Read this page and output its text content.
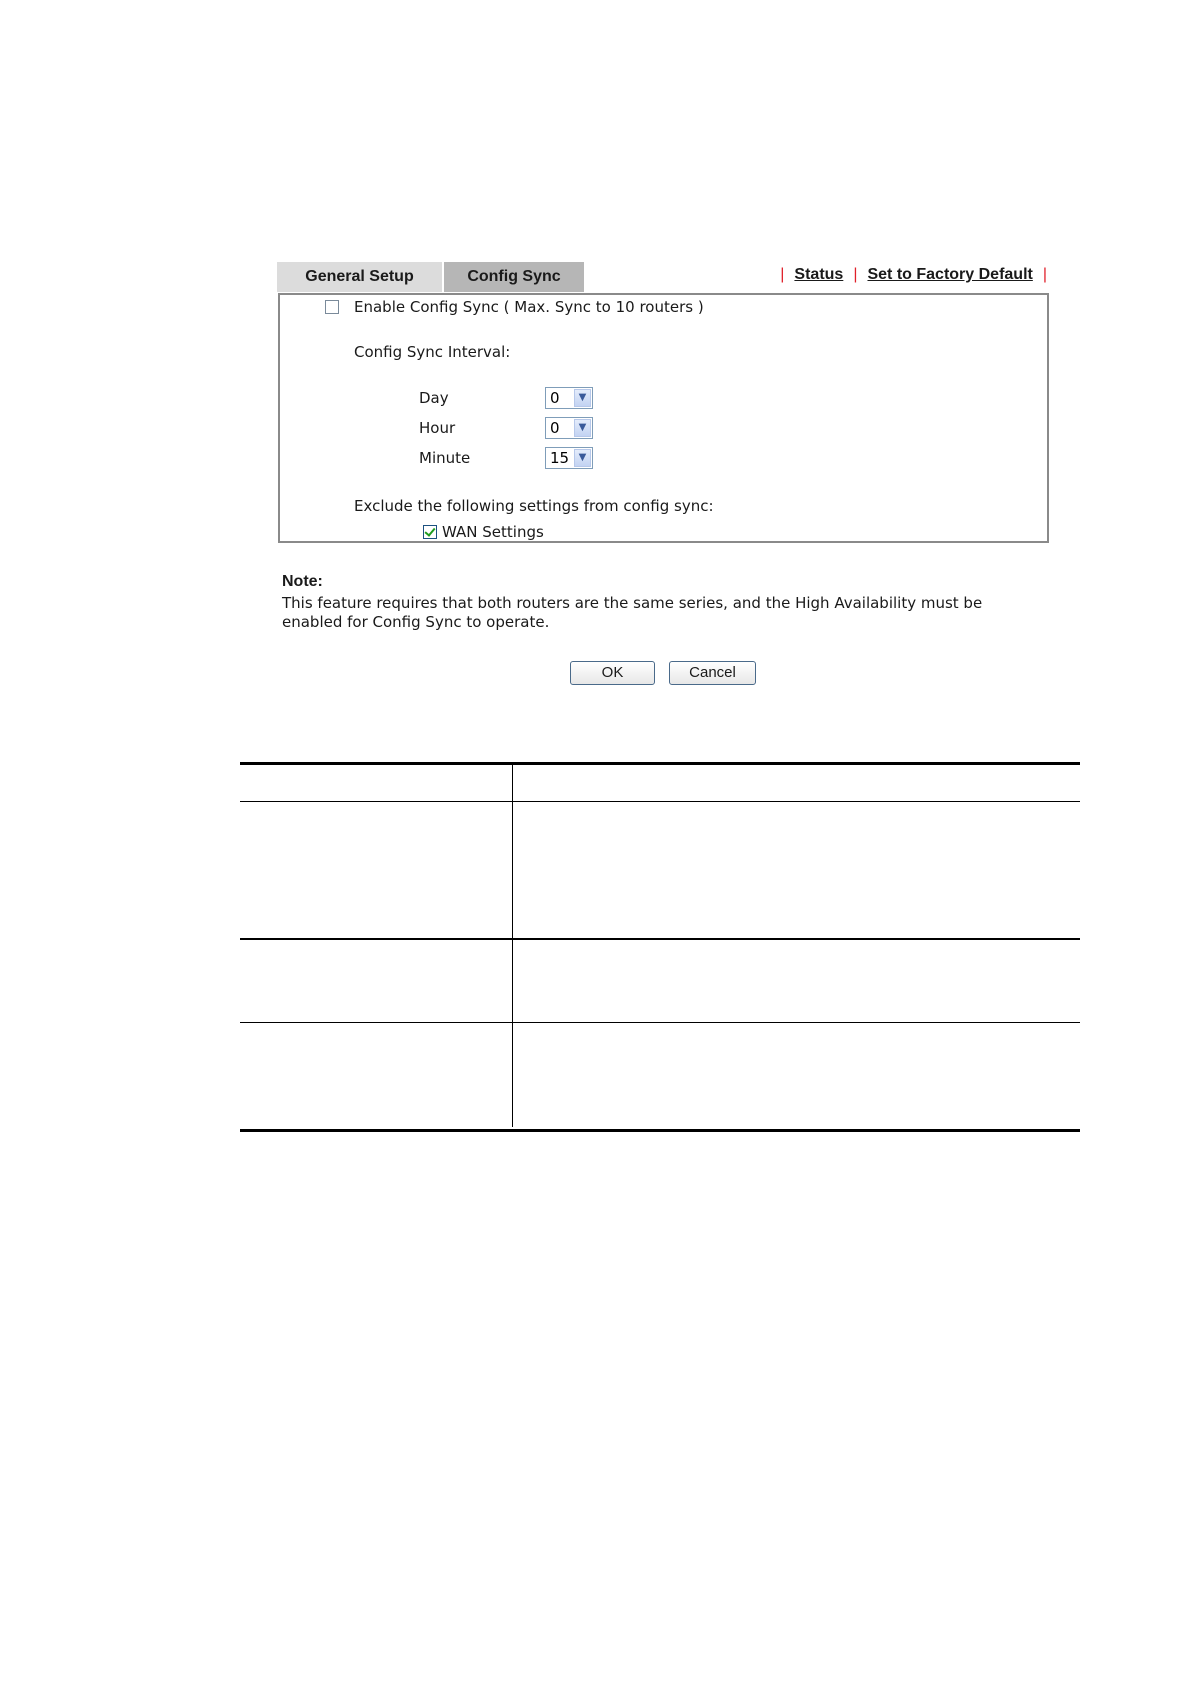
General Setup	Config Sync	| Status | Set to Factory Default |
Enable Config Sync ( Max. Sync to 10 routers )
Config Sync Interval:
Day	0	▼
Hour	0	▼
Minute	15 ▼
Exclude the following settings from config sync:
WAN Settings
Note:
This feature requires that both routers are the same series, and the High Availability must be
enabled for Config Sync to operate.
OK	Cancel
